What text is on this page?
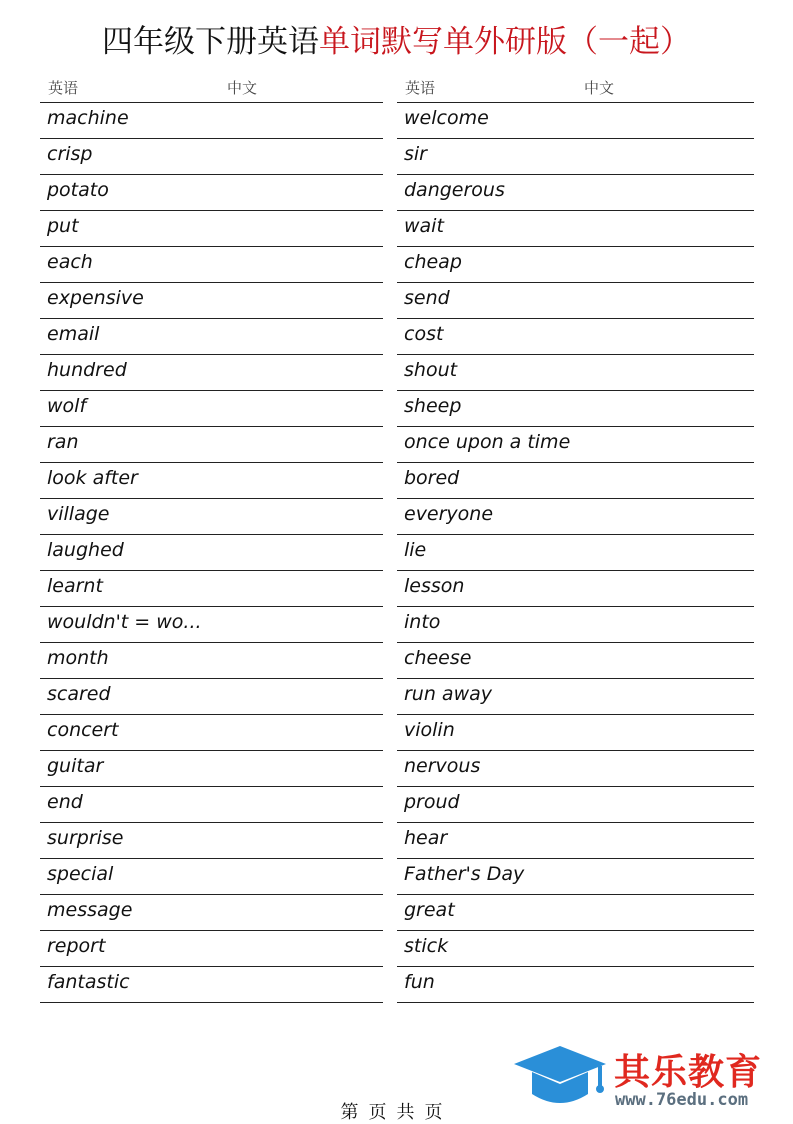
四年级下册英语单词默写单外研版（一起）
英语	中文
machine
crisp
potato
put
each
expensive
email
hundred
wolf
ran
look after
village
laughed
learnt
wouldn't = wo...
month
scared
concert
guitar
end
surprise
special
message
report
fantastic
英语	中文
welcome
sir
dangerous
wait
cheap
send
cost
shout
sheep
once upon a time
bored
everyone
lie
lesson
into
cheese
run away
violin
nervous
proud
hear
Father's Day
great
stick
fun
其乐教育
www.76edu.com
第页共页
